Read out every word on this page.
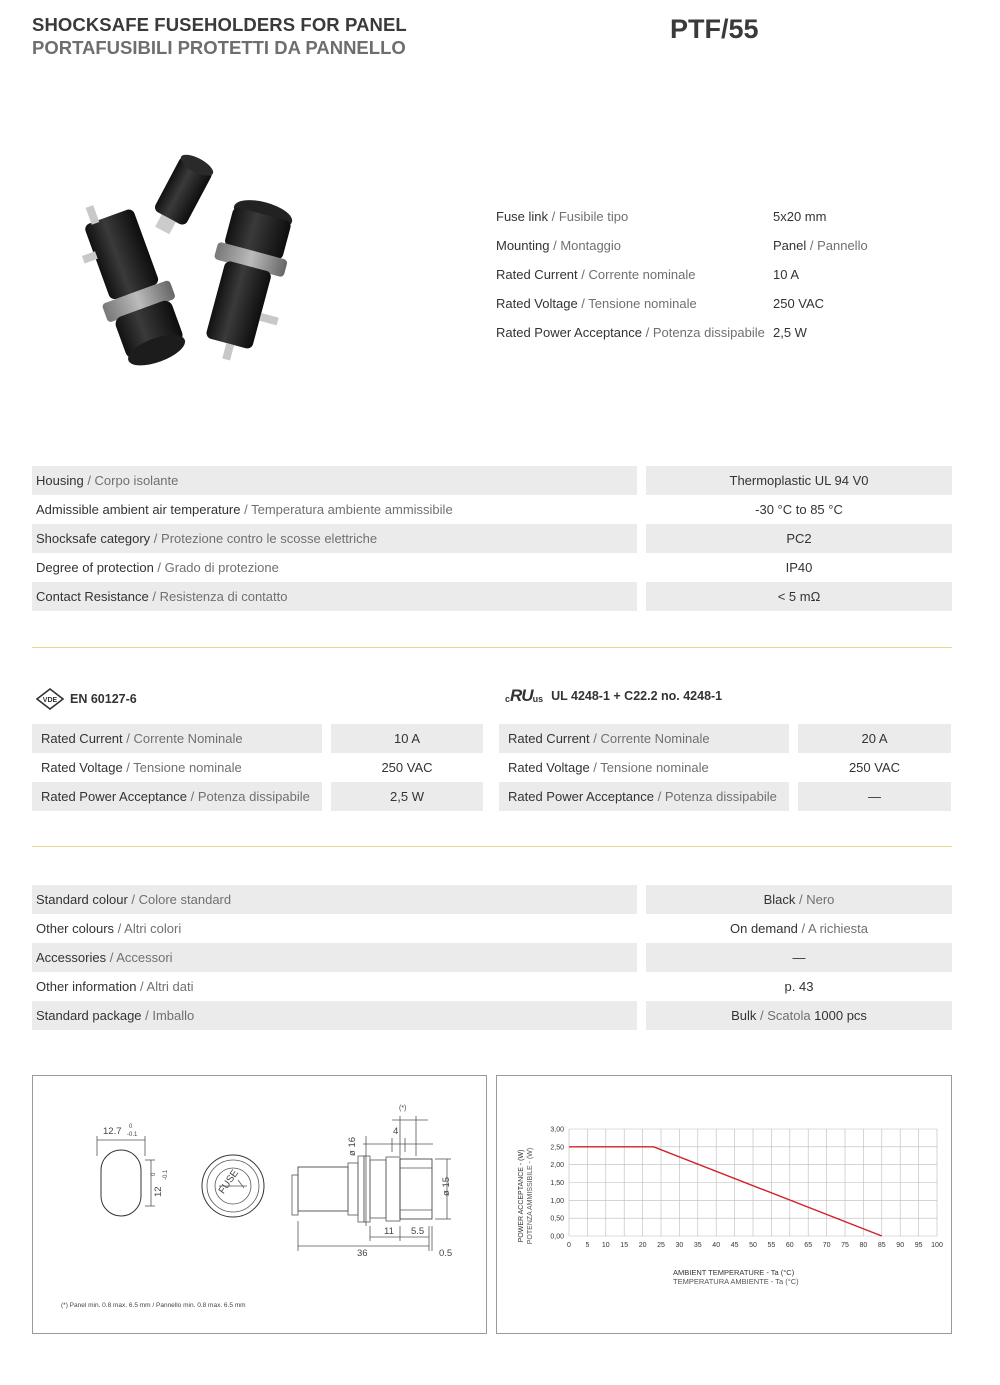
SHOCKSAFE FUSEHOLDERS FOR PANEL
PORTAFUSIBILI PROTETTI DA PANNELLO
PTF/55
Fuse link / Fusibile tipo	5x20 mm
Mounting / Montaggio	Panel / Pannello
Rated Current / Corrente nominale	10 A
Rated Voltage / Tensione nominale	250 VAC
Rated Power Acceptance / Potenza dissipabile 2,5 W
Housing / Corpo isolante	Thermoplastic UL 94 V0
Admissible ambient air temperature / Temperatura ambiente ammissibile	-30 °C to 85 °C
Shocksafe category / Protezione contro le scosse elettriche	PC2
Degree of protection / Grado di protezione	IP40
Contact Resistance / Resistenza di contatto	< 5 mΩ
VDE EN 60127-6
Rated Current / Corrente Nominale	10 A
Rated Voltage / Tensione nominale	250 VAC
Rated Power Acceptance / Potenza dissipabile	2,5 W
c RU us UL 4248-1 + C22.2 no. 4248-1
Rated Current / Corrente Nominale	20 A
Rated Voltage / Tensione nominale	250 VAC
Rated Power Acceptance / Potenza dissipabile	—
Standard colour / Colore standard	Black / Nero
Other colours / Altri colori	On demand / A richiesta
Accessories / Accessori	—
Other information / Altri dati	p. 43
Standard package / Imballo	Bulk / Scatola 1000 pcs
12.7 0
-0.1
12
0 -0.1	FUSE
(*)
ø 16
4
ø 15
11 5.5
36	0.5
(*) Panel min. 0.8 max. 6.5 mm / Pannello min. 0.8 max. 6.5 mm
0 5 10 15 20 25 30 35 40 45 50 55 60 65 70 75 80 85 90 95 100
0,00
0,50
1,00
1,50
2,00
2,50
3,00
POWER ACCEPTANCE - (W) POTENZA AMMISSIBILE - (W)
AMBIENT TEMPERATURE - Ta (°C)
TEMPERATURA AMBIENTE - Ta (°C)
